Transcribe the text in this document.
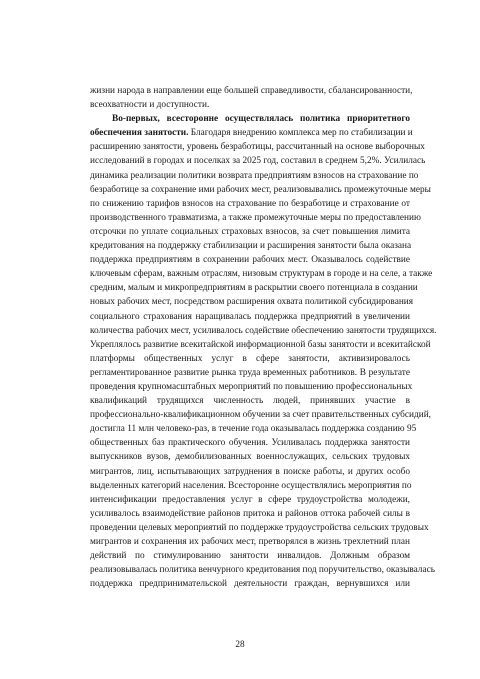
жизни народа в направлении еще большей справедливости, сбалансированности,
всеохватности и доступности.
Во-первых, всесторонне осуществлялась политика приоритетного
обеспечения занятости. Благодаря внедрению комплекса мер по стабилизации и
расширению занятости, уровень безработицы, рассчитанный на основе выборочных
исследований в городах и поселках за 2025 год, составил в среднем 5,2%. Усилилась
динамика реализации политики возврата предприятиям взносов на страхование по
безработице за сохранение ими рабочих мест, реализовывались промежуточные меры
по снижению тарифов взносов на страхование по безработице и страхование от
производственного травматизма, а также промежуточные меры по предоставлению
отсрочки по уплате социальных страховых взносов, за счет повышения лимита
кредитования на поддержку стабилизации и расширения занятости была оказана
поддержка предприятиям в сохранении рабочих мест. Оказывалось содействие
ключевым сферам, важным отраслям, низовым структурам в городе и на селе, а также
средним, малым и микропредприятиям в раскрытии своего потенциала в создании
новых рабочих мест, посредством расширения охвата политикой субсидирования
социального страхования наращивалась поддержка предприятий в увеличении
количества рабочих мест, усиливалось содействие обеспечению занятости трудящихся.
Укреплялось развитие всекитайской информационной базы занятости и всекитайской
платформы общественных услуг в сфере занятости, активизировалось
регламентированное развитие рынка труда временных работников. В результате
проведения крупномасштабных мероприятий по повышению профессиональных
квалификаций трудящихся численность людей, принявших участие в
профессионально-квалификационном обучении за счет правительственных субсидий,
достигла 11 млн человеко-раз, в течение года оказывалась поддержка созданию 95
общественных баз практического обучения. Усиливалась поддержка занятости
выпускников вузов, демобилизованных военнослужащих, сельских трудовых
мигрантов, лиц, испытывающих затруднения в поиске работы, и других особо
выделенных категорий населения. Всесторонне осуществлялись мероприятия по
интенсификации предоставления услуг в сфере трудоустройства молодежи,
усиливалось взаимодействие районов притока и районов оттока рабочей силы в
проведении целевых мероприятий по поддержке трудоустройства сельских трудовых
мигрантов и сохранения их рабочих мест, претворялся в жизнь трехлетний план
действий по стимулированию занятости инвалидов. Должным образом
реализовывалась политика венчурного кредитования под поручительство, оказывалась
поддержка предпринимательской деятельности граждан, вернувшихся или
28
